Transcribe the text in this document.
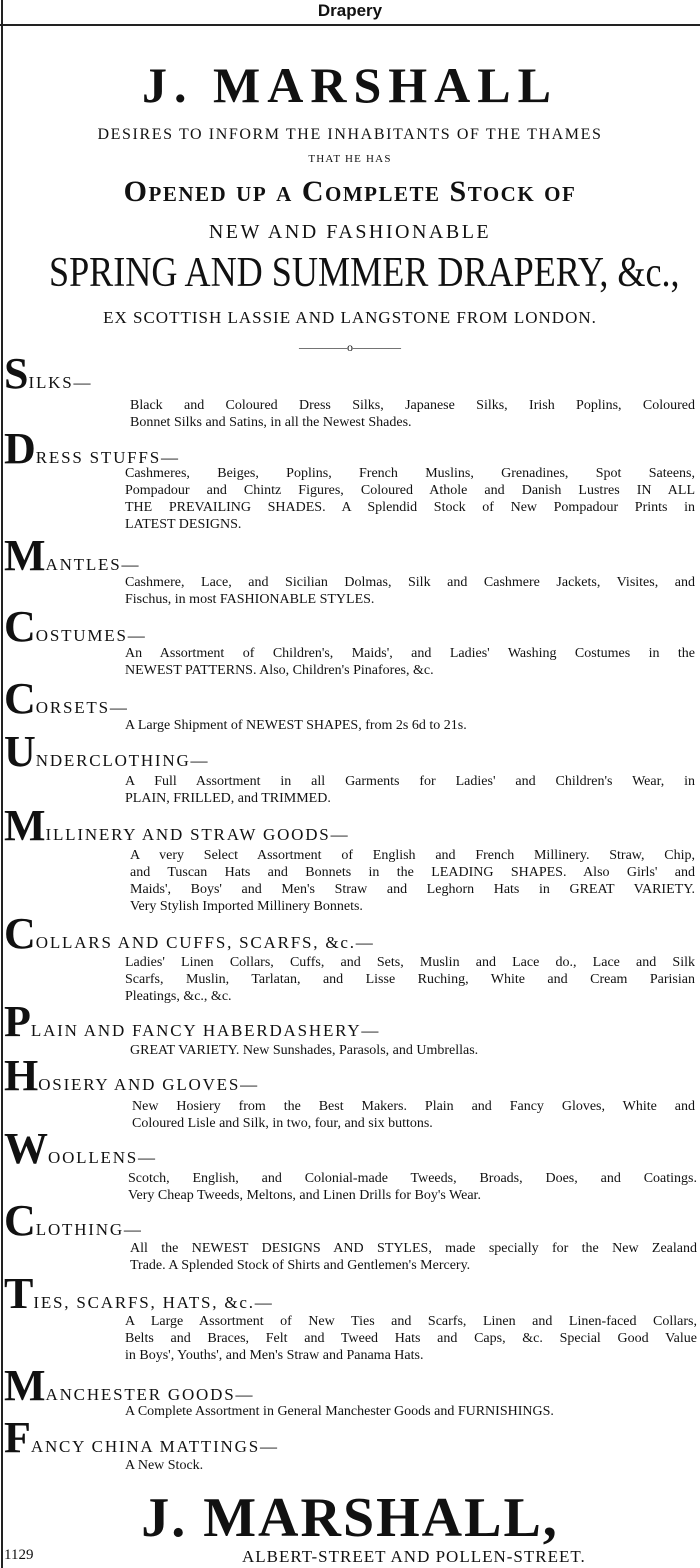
Drapery
J. MARSHALL
DESIRES TO INFORM THE INHABITANTS OF THE THAMES
THAT HE HAS
Opened up a Complete Stock of
NEW AND FASHIONABLE
SPRING AND SUMMER DRAPERY, &c.,
EX SCOTTISH LASSIE AND LANGSTONE FROM LONDON.
————o————
SILKS—
Black and Coloured Dress Silks, Japanese Silks, Irish Poplins, Coloured
Bonnet Silks and Satins, in all the Newest Shades.
DRESS STUFFS—
Cashmeres, Beiges, Poplins, French Muslins, Grenadines, Spot Sateens,
Pompadour and Chintz Figures, Coloured Athole and Danish Lustres IN ALL
THE PREVAILING SHADES. A Splendid Stock of New Pompadour Prints in
LATEST DESIGNS.
MANTLES—
Cashmere, Lace, and Sicilian Dolmas, Silk and Cashmere Jackets, Visites, and
Fischus, in most FASHIONABLE STYLES.
COSTUMES—
An Assortment of Children's, Maids', and Ladies' Washing Costumes in the
NEWEST PATTERNS. Also, Children's Pinafores, &c.
CORSETS—
A Large Shipment of NEWEST SHAPES, from 2s 6d to 21s.
UNDERCLOTHING—
A Full Assortment in all Garments for Ladies' and Children's Wear, in
PLAIN, FRILLED, and TRIMMED.
MILLINERY AND STRAW GOODS—
A very Select Assortment of English and French Millinery. Straw, Chip,
and Tuscan Hats and Bonnets in the LEADING SHAPES. Also Girls' and
Maids', Boys' and Men's Straw and Leghorn Hats in GREAT VARIETY.
Very Stylish Imported Millinery Bonnets.
COLLARS AND CUFFS, SCARFS, &c.—
Ladies' Linen Collars, Cuffs, and Sets, Muslin and Lace do., Lace and Silk
Scarfs, Muslin, Tarlatan, and Lisse Ruching, White and Cream Parisian
Pleatings, &c., &c.
PLAIN AND FANCY HABERDASHERY—
GREAT VARIETY. New Sunshades, Parasols, and Umbrellas.
HOSIERY AND GLOVES—
New Hosiery from the Best Makers. Plain and Fancy Gloves, White and
Coloured Lisle and Silk, in two, four, and six buttons.
WOOLLENS—
Scotch, English, and Colonial-made Tweeds, Broads, Does, and Coatings.
Very Cheap Tweeds, Meltons, and Linen Drills for Boy's Wear.
CLOTHING—
All the NEWEST DESIGNS AND STYLES, made specially for the New Zealand
Trade. A Splended Stock of Shirts and Gentlemen's Mercery.
TIES, SCARFS, HATS, &c.—
A Large Assortment of New Ties and Scarfs, Linen and Linen-faced Collars,
Belts and Braces, Felt and Tweed Hats and Caps, &c. Special Good Value
in Boys', Youths', and Men's Straw and Panama Hats.
MANCHESTER GOODS—
A Complete Assortment in General Manchester Goods and FURNISHINGS.
FANCY CHINA MATTINGS—
A New Stock.
J. MARSHALL,
1129	ALBERT-STREET AND POLLEN-STREET.
